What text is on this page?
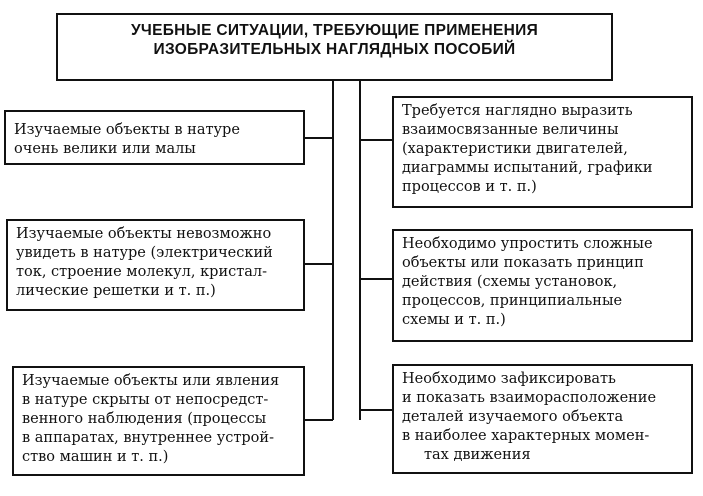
УЧЕБНЫЕ СИТУАЦИИ, ТРЕБУЮЩИЕ ПРИМЕНЕНИЯ
ИЗОБРАЗИТЕЛЬНЫХ НАГЛЯДНЫХ ПОСОБИЙ
Изучаемые объекты в натуре
очень велики или малы
Изучаемые объекты невозможно
увидеть в натуре (электрический
ток, строение молекул, кристал-
лические решетки и т. п.)
Изучаемые объекты или явления
в натуре скрыты от непосредст-
венного наблюдения (процессы
в аппаратах, внутреннее устрой-
ство машин и т. п.)
Требуется наглядно выразить
взаимосвязанные величины
(характеристики двигателей,
диаграммы испытаний, графики
процессов и т. п.)
Необходимо упростить сложные
объекты или показать принцип
действия (схемы установок,
процессов, принципиальные
схемы и т. п.)
Необходимо зафиксировать
и показать взаиморасположение
деталей изучаемого объекта
в наиболее характерных момен-
тах движения
